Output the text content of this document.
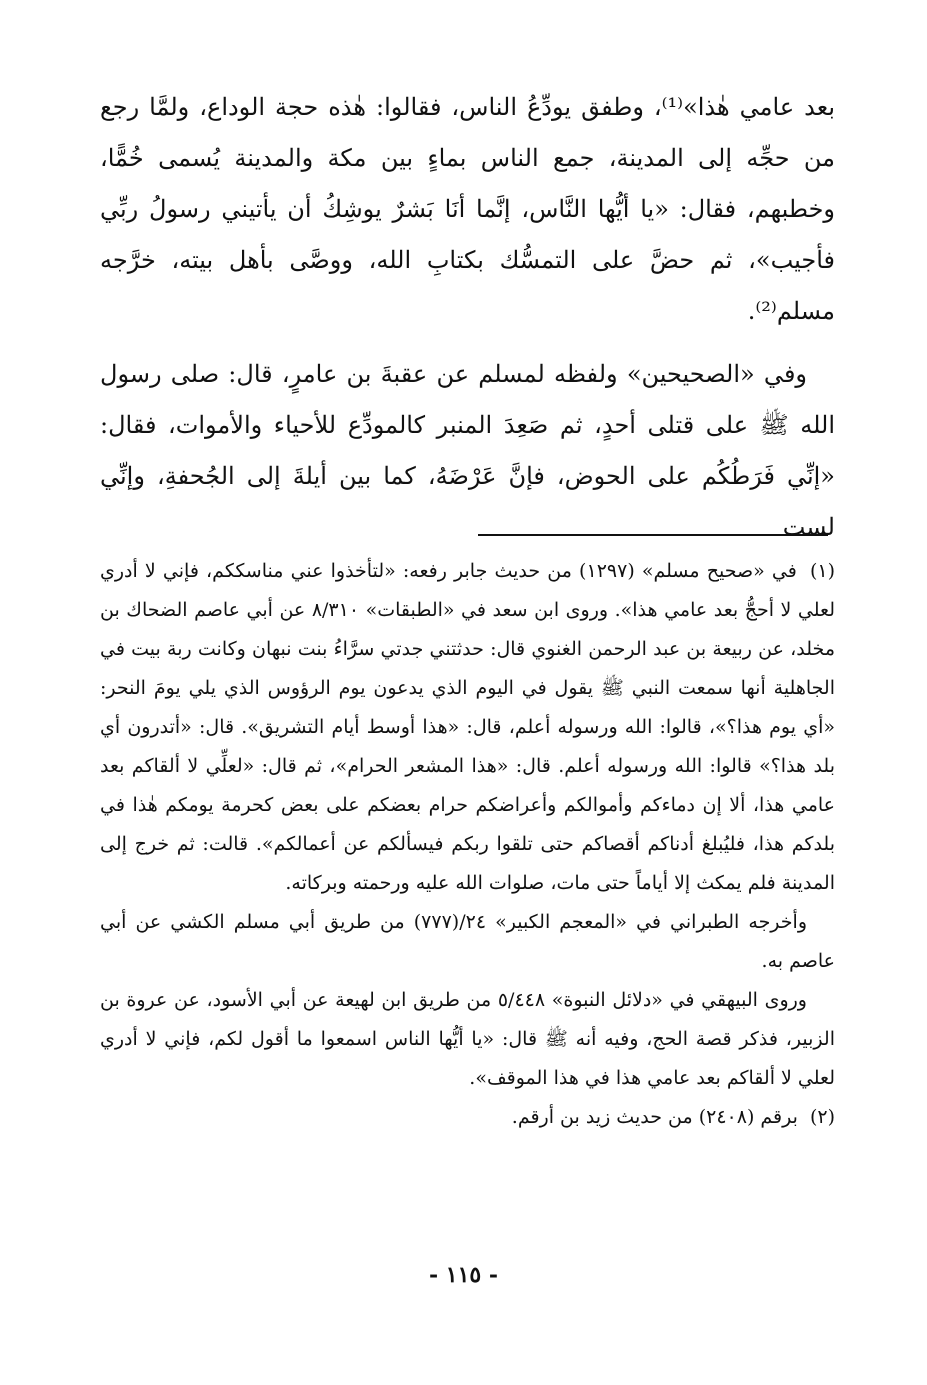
بعد عامي هٰذا»⁽¹⁾، وطفق يودِّعُ الناس، فقالوا: هٰذه حجة الوداع، ولمَّا رجع من حجِّه إلى المدينة، جمع الناس بماءٍ بين مكة والمدينة يُسمى خُمًّا، وخطبهم، فقال: «يا أيُّها النَّاس، إنَّما أنَا بَشرٌ يوشِكُ أن يأتيني رسولُ ربِّي فأجيب»، ثم حضَّ على التمسُّك بكتابِ الله، ووصَّى بأهل بيته، خرَّجه مسلم⁽²⁾.

وفي «الصحيحين» ولفظه لمسلم عن عقبةَ بن عامرٍ، قال: صلى رسول الله ﷺ على قتلى أحدٍ، ثم صَعِدَ المنبر كالمودِّع للأحياء والأموات، فقال: «إنِّي فَرَطُكُم على الحوض، فإنَّ عَرْضَهُ، كما بين أيلةَ إلى الجُحفةِ، وإنِّي لست

(١) في «صحيح مسلم» (١٢٩٧) من حديث جابر رفعه: «لتأخذوا عني مناسككم، فإني لا أدري لعلي لا أحجُّ بعد عامي هذا». وروى ابن سعد في «الطبقات» ٨/٣١٠ عن أبي عاصم الضحاك بن مخلد، عن ربيعة بن عبد الرحمن الغنوي قال: حدثتني جدتي سرَّاءُ بنت نبهان وكانت ربة بيت في الجاهلية أنها سمعت النبي ﷺ يقول في اليوم الذي يدعون يوم الرؤوس الذي يلي يومَ النحر: «أي يوم هذا؟»، قالوا: الله ورسوله أعلم، قال: «هذا أوسط أيام التشريق». قال: «أتدرون أي بلد هذا؟» قالوا: الله ورسوله أعلم. قال: «هذا المشعر الحرام»، ثم قال: «لعلِّي لا ألقاكم بعد عامي هذا، ألا إن دماءكم وأموالكم وأعراضكم حرام بعضكم على بعض كحرمة يومكم هٰذا في بلدكم هذا، فليُبلغ أدناكم أقصاكم حتى تلقوا ربكم فيسألكم عن أعمالكم». قالت: ثم خرج إلى المدينة فلم يمكث إلا أياماً حتى مات، صلوات الله عليه ورحمته وبركاته.

وأخرجه الطبراني في «المعجم الكبير» ٢٤/(٧٧٧) من طريق أبي مسلم الكشي عن أبي عاصم به.

وروى البيهقي في «دلائل النبوة» ٥/٤٤٨ من طريق ابن لهيعة عن أبي الأسود، عن عروة بن الزبير، فذكر قصة الحج، وفيه أنه ﷺ قال: «يا أيُّها الناس اسمعوا ما أقول لكم، فإني لا أدري لعلي لا ألقاكم بعد عامي هذا في هذا الموقف».

(٢) برقم (٢٤٠٨) من حديث زيد بن أرقم.

- ١١٥ -
